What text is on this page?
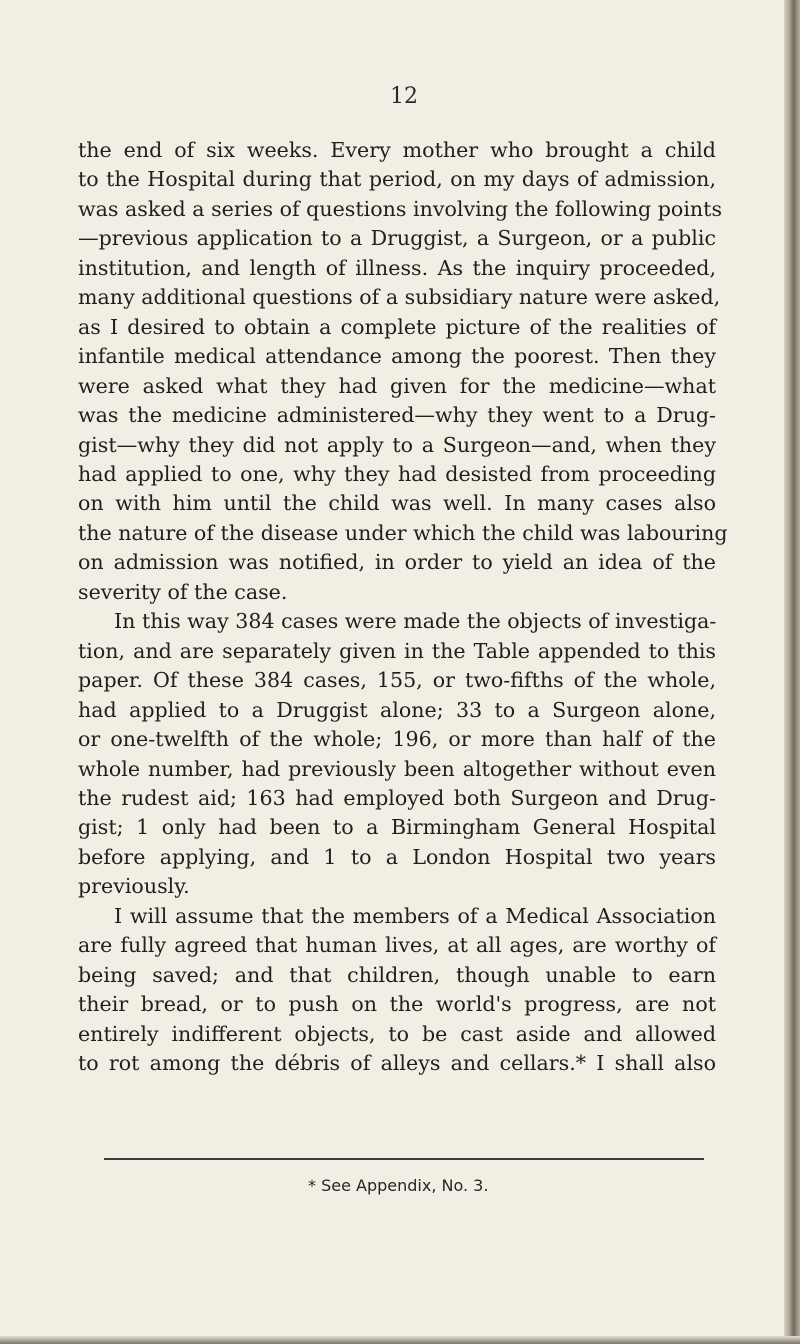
12

the end of six weeks. Every mother who brought a child
to the Hospital during that period, on my days of admission,
was asked a series of questions involving the following points
—previous application to a Druggist, a Surgeon, or a public
institution, and length of illness. As the inquiry proceeded,
many additional questions of a subsidiary nature were asked,
as I desired to obtain a complete picture of the realities of
infantile medical attendance among the poorest. Then they
were asked what they had given for the medicine—what
was the medicine administered—why they went to a Drug-
gist—why they did not apply to a Surgeon—and, when they
had applied to one, why they had desisted from proceeding
on with him until the child was well. In many cases also
the nature of the disease under which the child was labouring
on admission was notified, in order to yield an idea of the
severity of the case.

In this way 384 cases were made the objects of investiga-
tion, and are separately given in the Table appended to this
paper. Of these 384 cases, 155, or two-fifths of the whole,
had applied to a Druggist alone; 33 to a Surgeon alone,
or one-twelfth of the whole; 196, or more than half of the
whole number, had previously been altogether without even
the rudest aid; 163 had employed both Surgeon and Drug-
gist; 1 only had been to a Birmingham General Hospital
before applying, and 1 to a London Hospital two years
previously.

I will assume that the members of a Medical Association
are fully agreed that human lives, at all ages, are worthy of
being saved; and that children, though unable to earn
their bread, or to push on the world's progress, are not
entirely indifferent objects, to be cast aside and allowed
to rot among the débris of alleys and cellars.* I shall also

* See Appendix, No. 3.
